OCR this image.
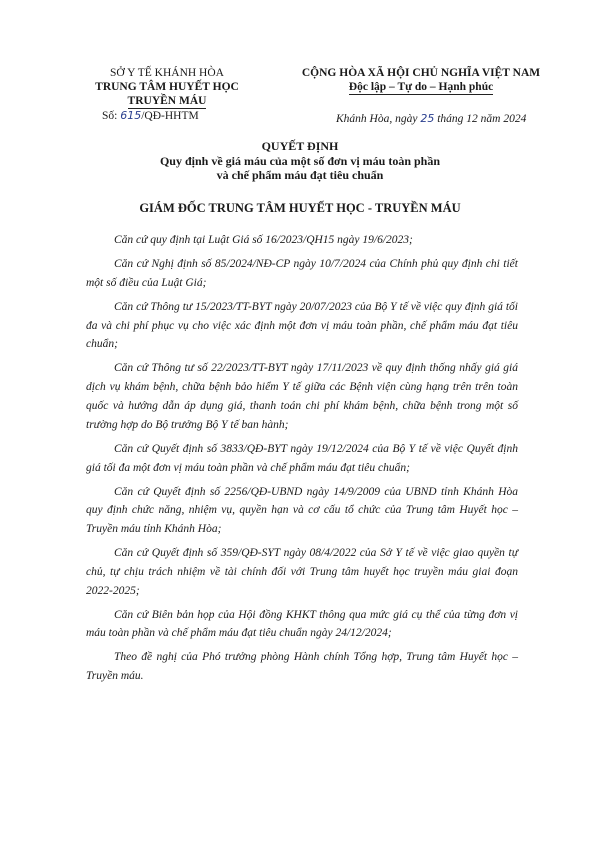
SỞ Y TẾ KHÁNH HÒA
TRUNG TÂM HUYẾT HỌC
TRUYỀN MÁU
Số: 615/QĐ-HHTM
CỘNG HÒA XÃ HỘI CHỦ NGHĨA VIỆT NAM
Độc lập – Tự do – Hạnh phúc
Khánh Hòa, ngày 25 tháng 12 năm 2024
QUYẾT ĐỊNH
Quy định về giá máu của một số đơn vị máu toàn phần
và chế phẩm máu đạt tiêu chuẩn
GIÁM ĐỐC TRUNG TÂM HUYẾT HỌC - TRUYỀN MÁU

Căn cứ quy định tại Luật Giá số 16/2023/QH15 ngày 19/6/2023;

Căn cứ Nghị định số 85/2024/NĐ-CP ngày 10/7/2024 của Chính phủ quy định chi tiết một số điều của Luật Giá;

Căn cứ Thông tư 15/2023/TT-BYT ngày 20/07/2023 của Bộ Y tế về việc quy định giá tối đa và chi phí phục vụ cho việc xác định một đơn vị máu toàn phần, chế phẩm máu đạt tiêu chuẩn;

Căn cứ Thông tư số 22/2023/TT-BYT ngày 17/11/2023 về quy định thống nhấy giá giá dịch vụ khám bệnh, chữa bệnh bảo hiểm Y tế giữa các Bệnh viện cùng hạng trên trên toàn quốc và hướng dẫn áp dụng giá, thanh toán chi phí khám bệnh, chữa bệnh trong một số trường hợp do Bộ trưởng Bộ Y tế ban hành;

Căn cứ Quyết định số 3833/QĐ-BYT ngày 19/12/2024 của Bộ Y tế về việc Quyết định giá tối đa một đơn vị máu toàn phần và chế phẩm máu đạt tiêu chuẩn;

Căn cứ Quyết định số 2256/QĐ-UBND ngày 14/9/2009 của UBND tỉnh Khánh Hòa quy định chức năng, nhiệm vụ, quyền hạn và cơ cấu tổ chức của Trung tâm Huyết học – Truyền máu tỉnh Khánh Hòa;

Căn cứ Quyết định số 359/QĐ-SYT ngày 08/4/2022 của Sở Y tế về việc giao quyền tự chủ, tự chịu trách nhiệm về tài chính đối với Trung tâm huyết học truyền máu giai đoạn 2022-2025;

Căn cứ Biên bản họp của Hội đồng KHKT thông qua mức giá cụ thể của từng đơn vị máu toàn phần và chế phẩm máu đạt tiêu chuẩn ngày 24/12/2024;

Theo đề nghị của Phó trưởng phòng Hành chính Tổng hợp, Trung tâm Huyết học – Truyền máu.
